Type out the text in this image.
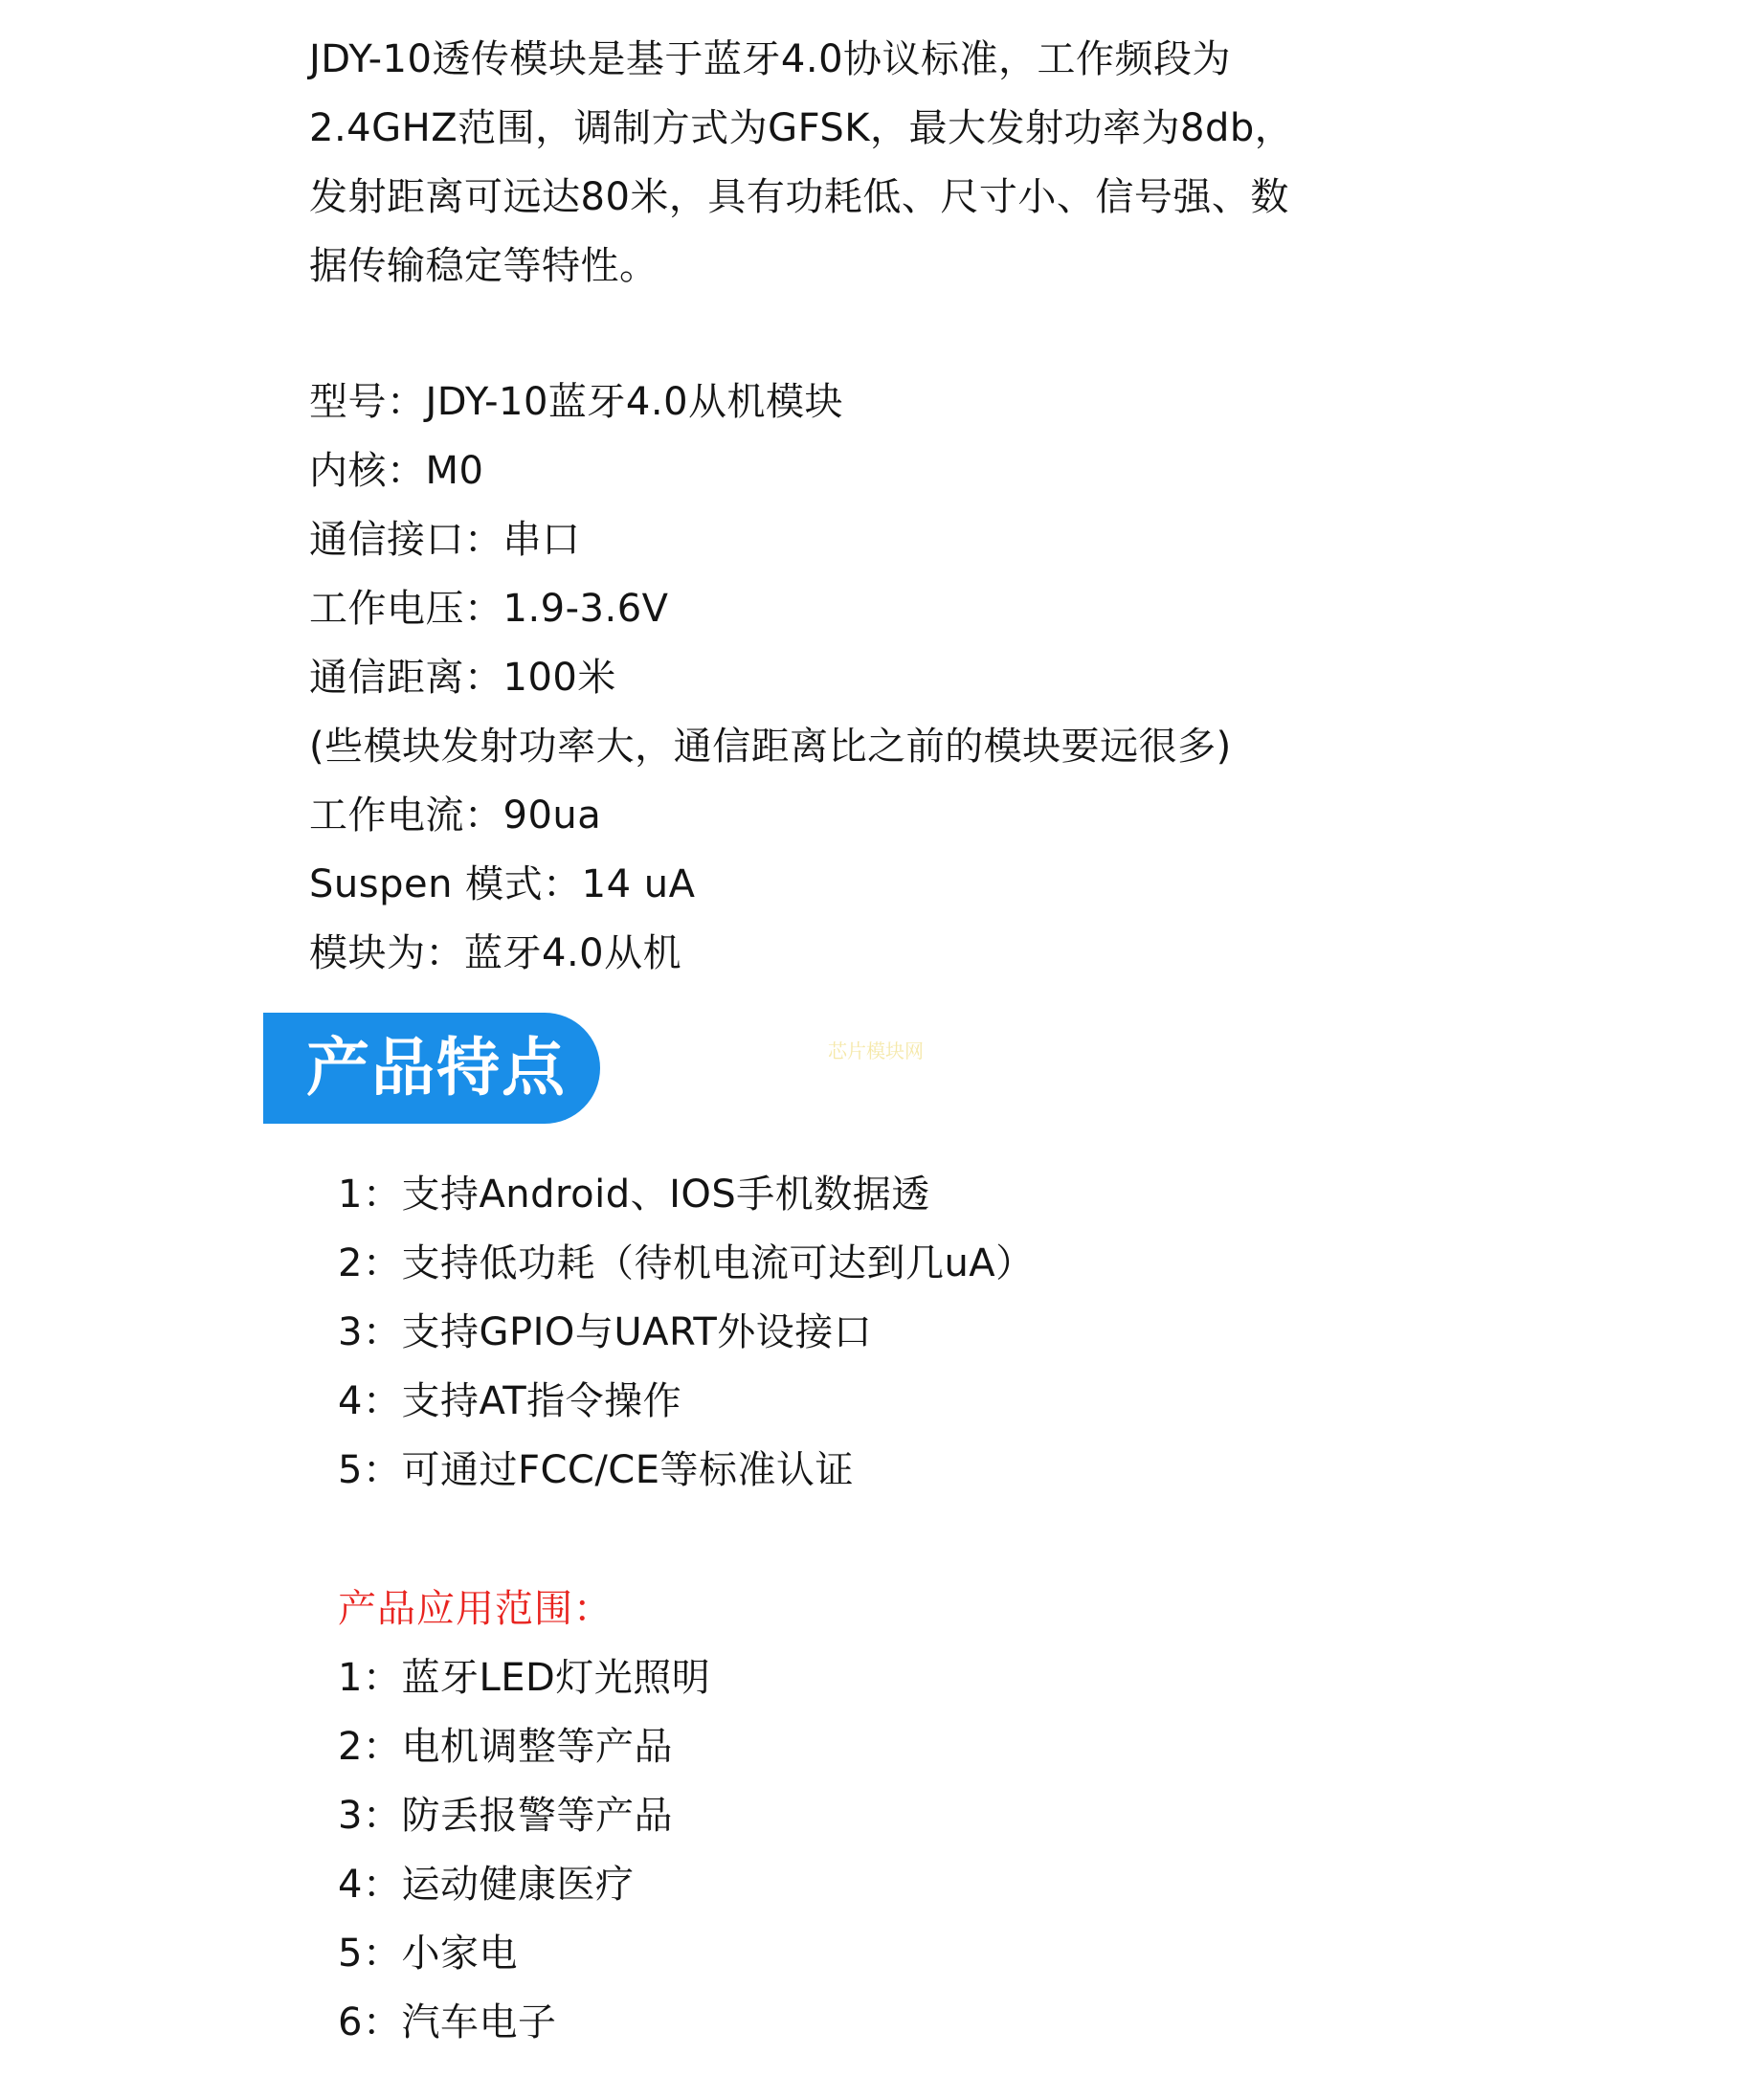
JDY-10透传模块是基于蓝牙4.0协议标准，工作频段为
2.4GHZ范围，调制方式为GFSK，最大发射功率为8db，
发射距离可远达80米，具有功耗低、尺寸小、信号强、数
据传输稳定等特性。
型号：JDY-10蓝牙4.0从机模块
内核：M0
通信接口：串口
工作电压：1.9-3.6V
通信距离：100米
(些模块发射功率大，通信距离比之前的模块要远很多)
工作电流：90ua
Suspen 模式：14 uA
模块为：蓝牙4.0从机
产品特点	芯片模块网
1：支持Android、IOS手机数据透
2：支持低功耗（待机电流可达到几uA）
3：支持GPIO与UART外设接口
4：支持AT指令操作
5：可通过FCC/CE等标准认证
产品应用范围：
1：蓝牙LED灯光照明
2：电机调整等产品
3：防丢报警等产品
4：运动健康医疗
5：小家电
6：汽车电子
